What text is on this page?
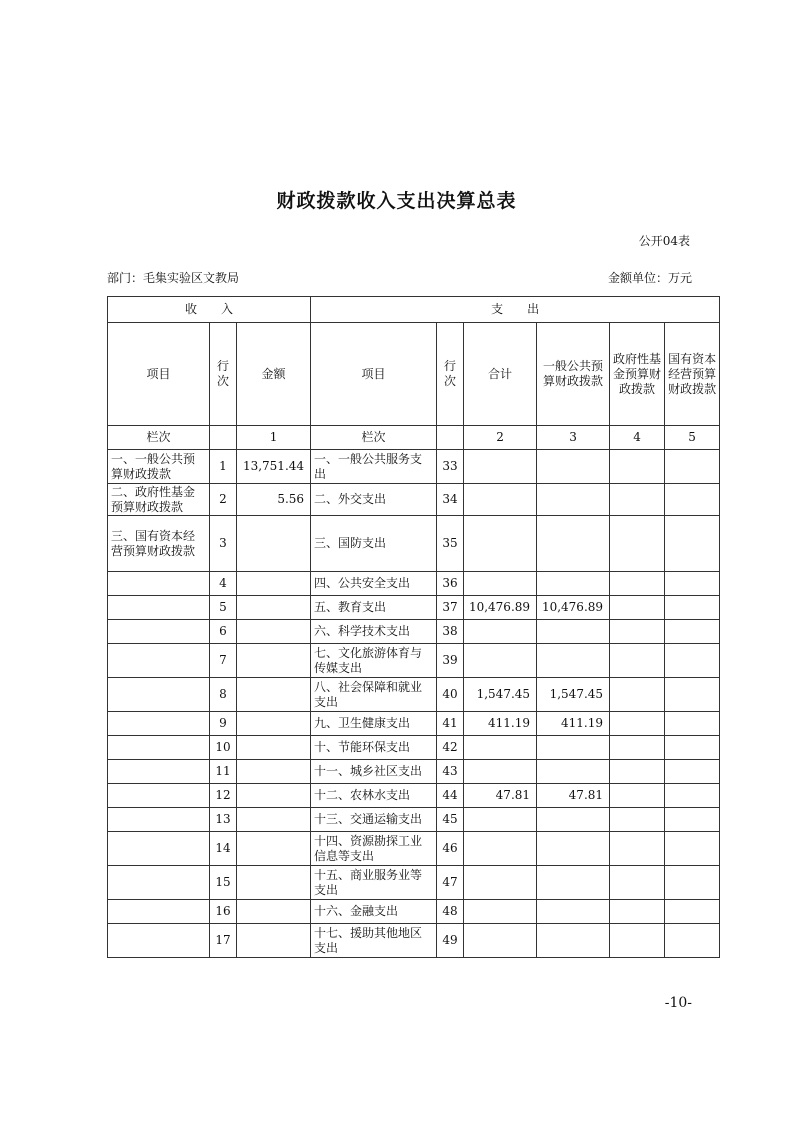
财政拨款收入支出决算总表
公开04表
部门：毛集实验区文教局	金额单位：万元
收　　入			支　　出					
项目	行次	金额	项目	行次	合计	一般公共预算财政拨款	政府性基金预算财政拨款	国有资本经营预算财政拨款
栏次		1	栏次		2	3	4	5
一、一般公共预算财政拨款	1	13,751.44	一、一般公共服务支出	33				
二、政府性基金预算财政拨款	2	5.56	二、外交支出	34				
三、国有资本经营预算财政拨款	3		三、国防支出	35				
	4		四、公共安全支出	36				
	5		五、教育支出	37	10,476.89	10,476.89		
	6		六、科学技术支出	38				
	7		七、文化旅游体育与传媒支出	39				
	8		八、社会保障和就业支出	40	1,547.45	1,547.45		
	9		九、卫生健康支出	41	411.19	411.19		
	10		十、节能环保支出	42				
	11		十一、城乡社区支出	43				
	12		十二、农林水支出	44	47.81	47.81		
	13		十三、交通运输支出	45				
	14		十四、资源勘探工业信息等支出	46				
	15		十五、商业服务业等支出	47				
	16		十六、金融支出	48				
	17		十七、援助其他地区支出	49				
-10-
